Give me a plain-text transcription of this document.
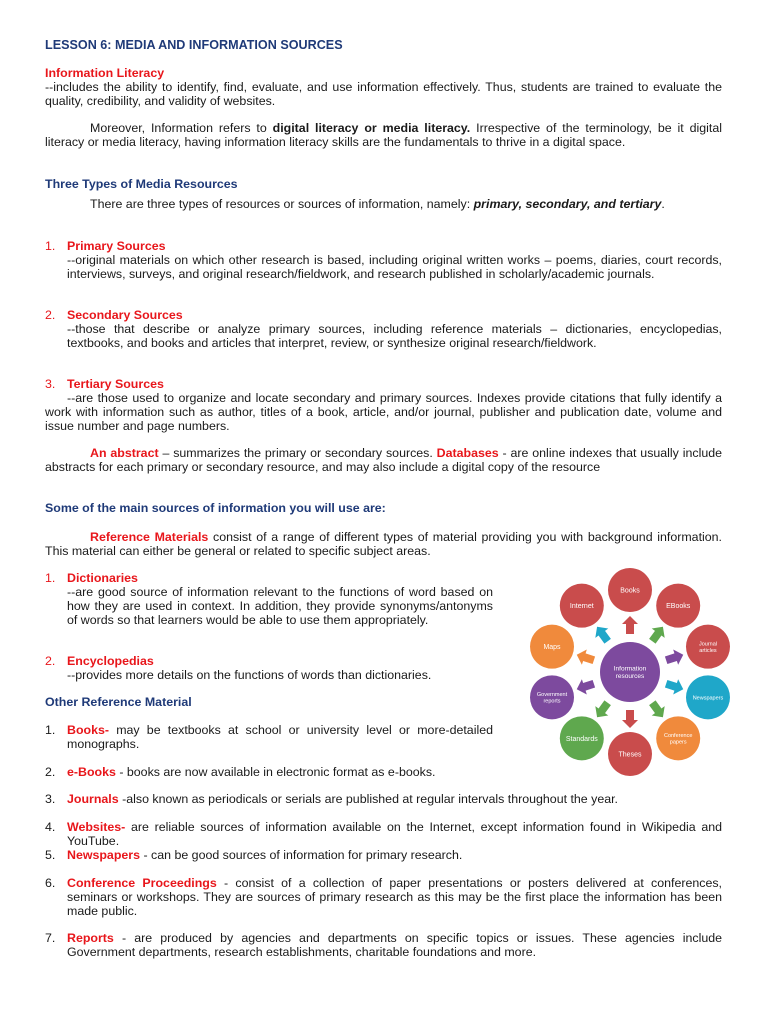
LESSON 6: MEDIA AND INFORMATION SOURCES
Information Literacy

--includes the ability to identify, find, evaluate, and use information effectively. Thus, students are trained to evaluate the quality, credibility, and validity of websites.

Moreover, Information refers to digital literacy or media literacy. Irrespective of the terminology, be it digital literacy or media literacy, having information literacy skills are the fundamentals to thrive in a digital space.

Three Types of Media Resources

There are three types of resources or sources of information, namely: primary, secondary, and tertiary.

1. Primary Sources

--original materials on which other research is based, including original written works – poems, diaries, court records, interviews, surveys, and original research/fieldwork, and research published in scholarly/academic journals.

2. Secondary Sources

--those that describe or analyze primary sources, including reference materials – dictionaries, encyclopedias, textbooks, and books and articles that interpret, review, or synthesize original research/fieldwork.

3. Tertiary Sources

--are those used to organize and locate secondary and primary sources. Indexes provide citations that fully identify a work with information such as author, titles of a book, article, and/or journal, publisher and publication date, volume and issue number and page numbers.

An abstract – summarizes the primary or secondary sources. Databases - are online indexes that usually include abstracts for each primary or secondary resource, and may also include a digital copy of the resource

Some of the main sources of information you will use are:

Reference Materials consist of a range of different types of material providing you with background information. This material can either be general or related to specific subject areas.

1. Dictionaries

--are good source of information relevant to the functions of word based on how they are used in context. In addition, they provide synonyms/antonyms of words so that learners would be able to use them appropriately.

2. Encyclopedias

--provides more details on the functions of words than dictionaries.

Other Reference Material
1. Books- may be textbooks at school or university level or more-detailed monographs.

2. e-Books - books are now available in electronic format as e-books.

3. Journals -also known as periodicals or serials are published at regular intervals throughout the year.

4. Websites- are reliable sources of information available on the Internet, except information found in Wikipedia and YouTube.

5. Newspapers - can be good sources of information for primary research.

6. Conference Proceedings - consist of a collection of paper presentations or posters delivered at conferences, seminars or workshops. They are sources of primary research as this may be the first place the information has been made public.

7. Reports - are produced by agencies and departments on specific topics or issues. These agencies include Government departments, research establishments, charitable foundations and more.

Information resources
Books
EBooks
Journal articles
Newspapers
Conference papers
Theses
Standards
Government reports
Maps
Internet
